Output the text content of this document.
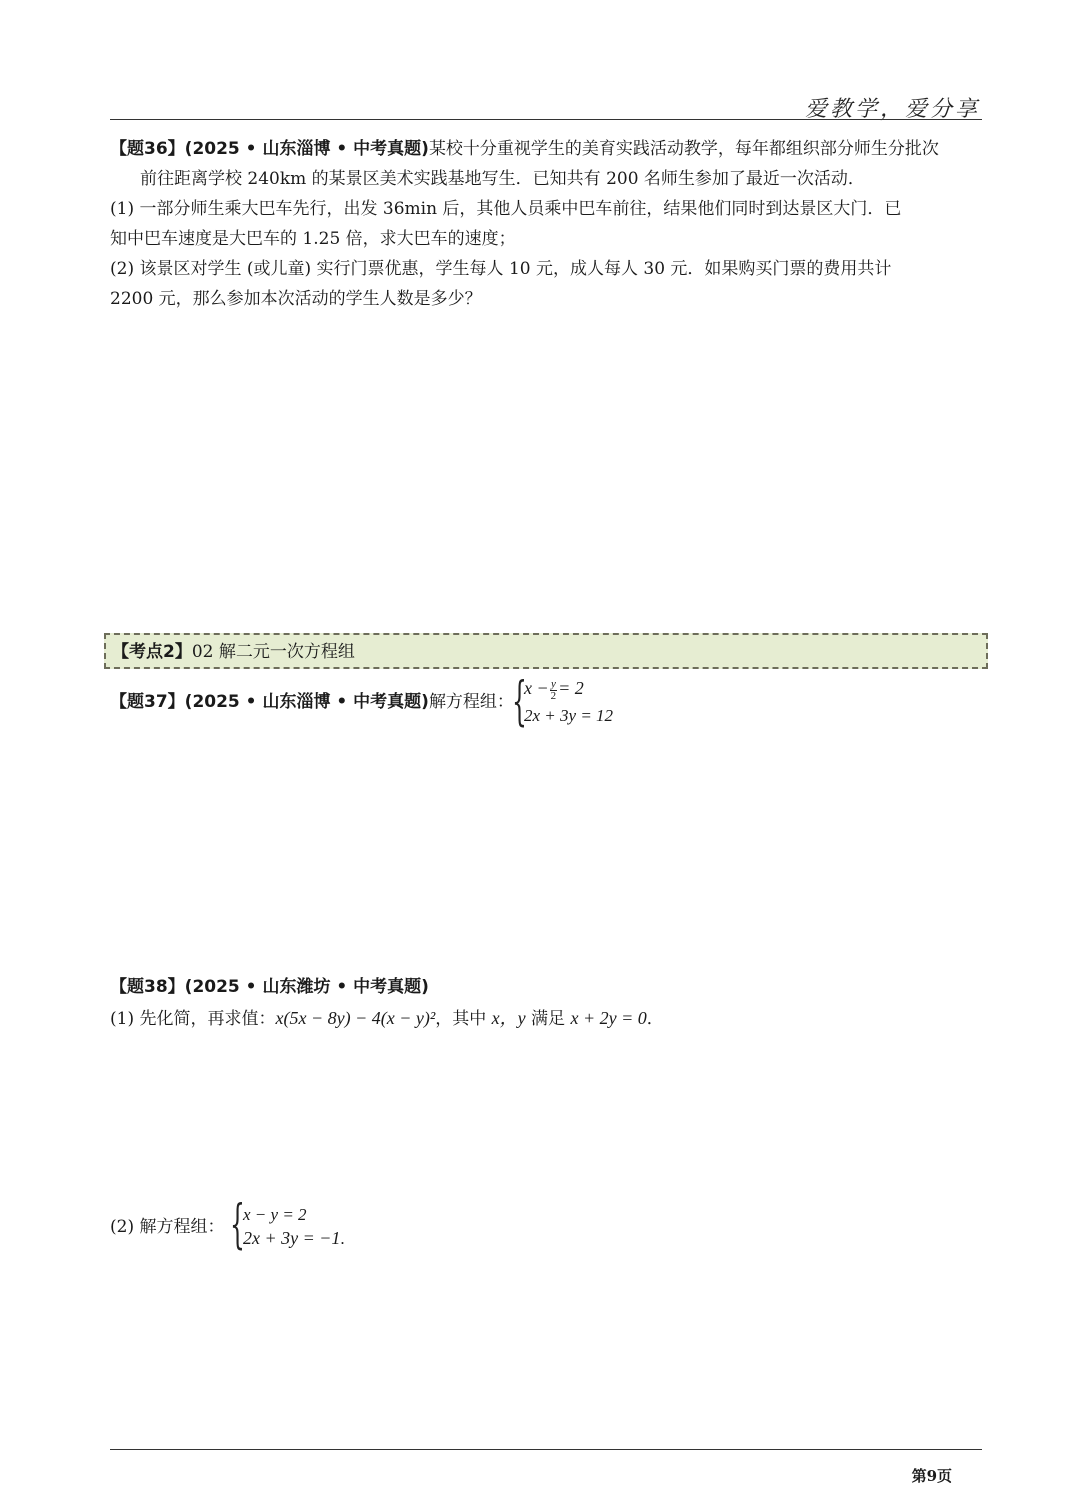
爱教学，爱分享
【题36】(2025 • 山东淄博 • 中考真题)某校十分重视学生的美育实践活动教学，每年都组织部分师生分批次
前往距离学校 240km 的某景区美术实践基地写生．已知共有 200 名师生参加了最近一次活动．
(1) 一部分师生乘大巴车先行，出发 36min 后，其他人员乘中巴车前往，结果他们同时到达景区大门．已
知中巴车速度是大巴车的 1.25 倍，求大巴车的速度；
(2) 该景区对学生 (或儿童) 实行门票优惠，学生每人 10 元，成人每人 30 元．如果购买门票的费用共计
2200 元，那么参加本次活动的学生人数是多少？
【考点2】02 解二元一次方程组
【题37】(2025 • 山东淄博 • 中考真题)解方程组：
{
$x - \frac{y}{2} = 2$
2x + 3y = 12
【题38】(2025 • 山东潍坊 • 中考真题)
(1) 先化简，再求值：x(5x − 8y) − 4(x − y)²，其中 x，y 满足 x + 2y = 0．
(2) 解方程组： {
x − y = 2
2x + 3y = −1.
第9页
